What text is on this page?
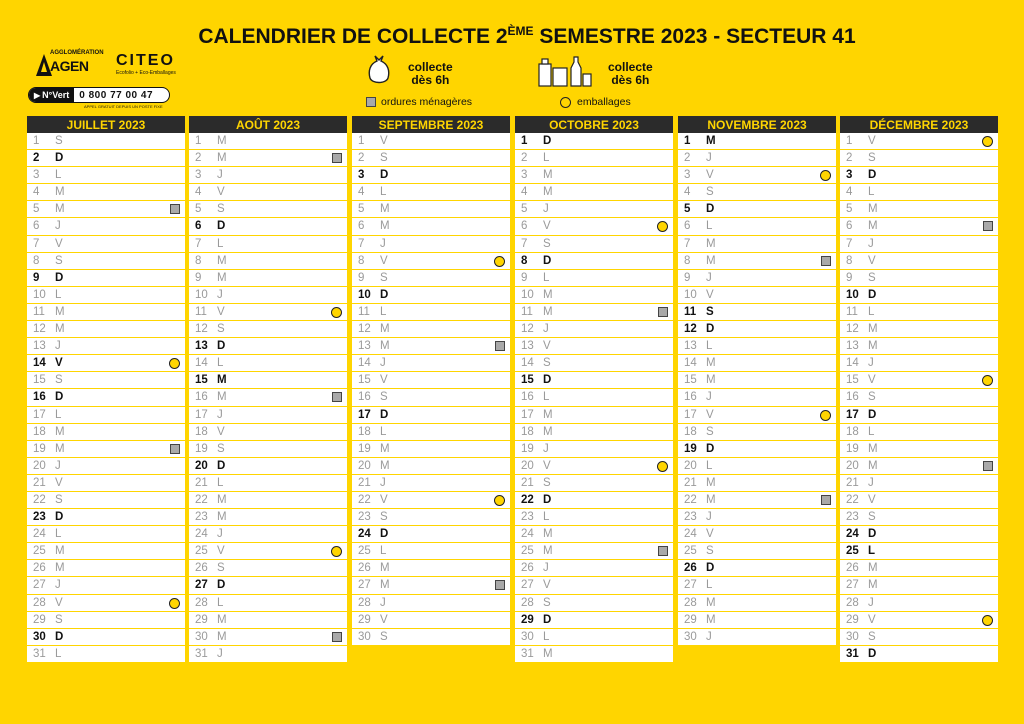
CALENDRIER DE COLLECTE 2ÈME SEMESTRE 2023 - SECTEUR 41
AGGLOMÉRATION
AGEN CITEO
Ecofolio + Eco-Emballages
▶ N°Vert	0 800 77 00 47
APPEL GRATUIT DEPUIS UN POSTE FIXE
collecte
dès 6h
ordures ménagères
collecte
dès 6h
emballages
JUILLET 2023
1	S
2	D
3	L
4	M
5	M
6	J
7	V
8	S
9	D
10 L
11 M
12 M
13 J
14 V
15 S
16 D
17 L
18 M
19 M
20 J
21 V
22 S
23 D
24 L
25 M
26 M
27 J
28 V
29 S
30 D
31 L
AOÛT 2023
1	M
2	M
3	J
4	V
5	S
6	D
7	L
8	M
9	M
10 J
11 V
12 S
13 D
14 L
15 M
16 M
17 J
18 V
19 S
20 D
21 L
22 M
23 M
24 J
25 V
26 S
27 D
28 L
29 M
30 M
31 J
SEPTEMBRE 2023
1	V
2	S
3	D
4	L
5	M
6	M
7	J
8	V
9	S
10 D
11 L
12 M
13 M
14 J
15 V
16 S
17 D
18 L
19 M
20 M
21 J
22 V
23 S
24 D
25 L
26 M
27 M
28 J
29 V
30 S
OCTOBRE 2023
1	D
2	L
3	M
4	M
5	J
6	V
7	S
8	D
9	L
10 M
11 M
12 J
13 V
14 S
15 D
16 L
17 M
18 M
19 J
20 V
21 S
22 D
23 L
24 M
25 M
26 J
27 V
28 S
29 D
30 L
31 M
NOVEMBRE 2023
1	M
2	J
3	V
4	S
5	D
6	L
7	M
8	M
9	J
10 V
11 S
12 D
13 L
14 M
15 M
16 J
17 V
18 S
19 D
20 L
21 M
22 M
23 J
24 V
25 S
26 D
27 L
28 M
29 M
30 J
DÉCEMBRE 2023
1	V
2	S
3	D
4	L
5	M
6	M
7	J
8	V
9	S
10 D
11 L
12 M
13 M
14 J
15 V
16 S
17 D
18 L
19 M
20 M
21 J
22 V
23 S
24 D
25 L
26 M
27 M
28 J
29 V
30 S
31 D
